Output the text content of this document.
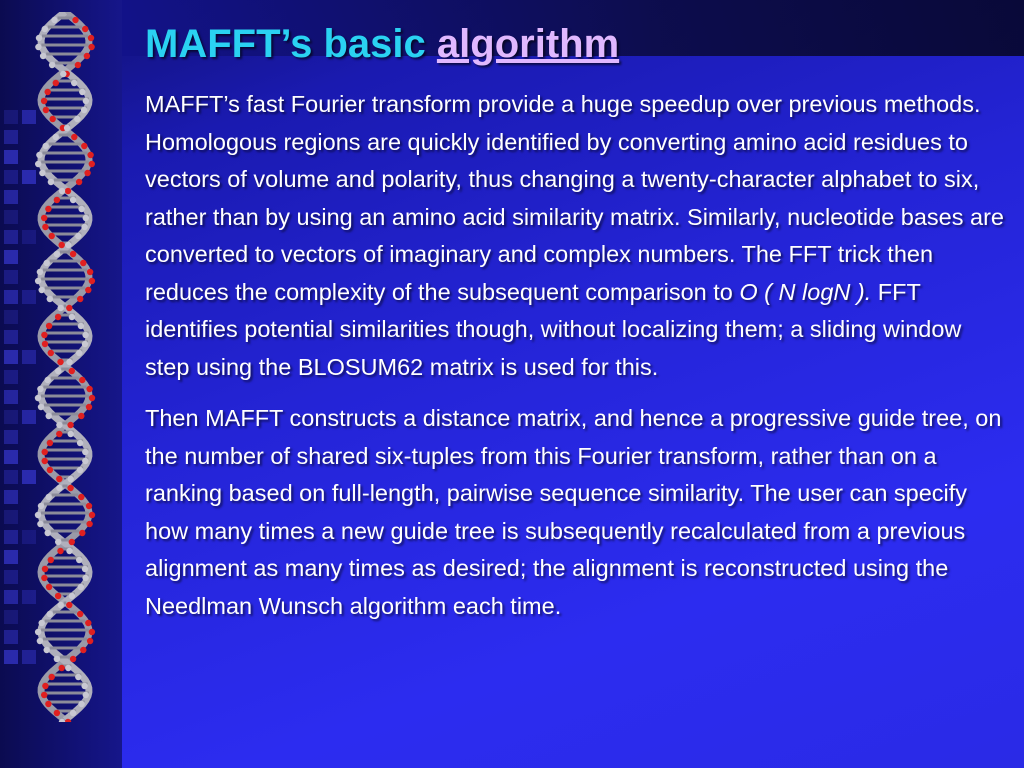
MAFFT’s basic algorithm

MAFFT’s fast Fourier transform provide a huge speedup over previous methods. Homologous regions are quickly identified by converting amino acid residues to vectors of volume and polarity, thus changing a twenty-character alphabet to six, rather than by using an amino acid similarity matrix. Similarly, nucleotide bases are converted to vectors of imaginary and complex numbers. The FFT trick then reduces the complexity of the subsequent comparison to O ( N logN ). FFT identifies potential similarities though, without localizing them; a sliding window step using the BLOSUM62 matrix is used for this.

Then MAFFT constructs a distance matrix, and hence a progressive guide tree, on the number of shared six-tuples from this Fourier transform, rather than on a ranking based on full-length, pairwise sequence similarity. The user can specify how many times a new guide tree is subsequently recalculated from a previous alignment as many times as desired; the alignment is reconstructed using the Needlman Wunsch algorithm each time.
